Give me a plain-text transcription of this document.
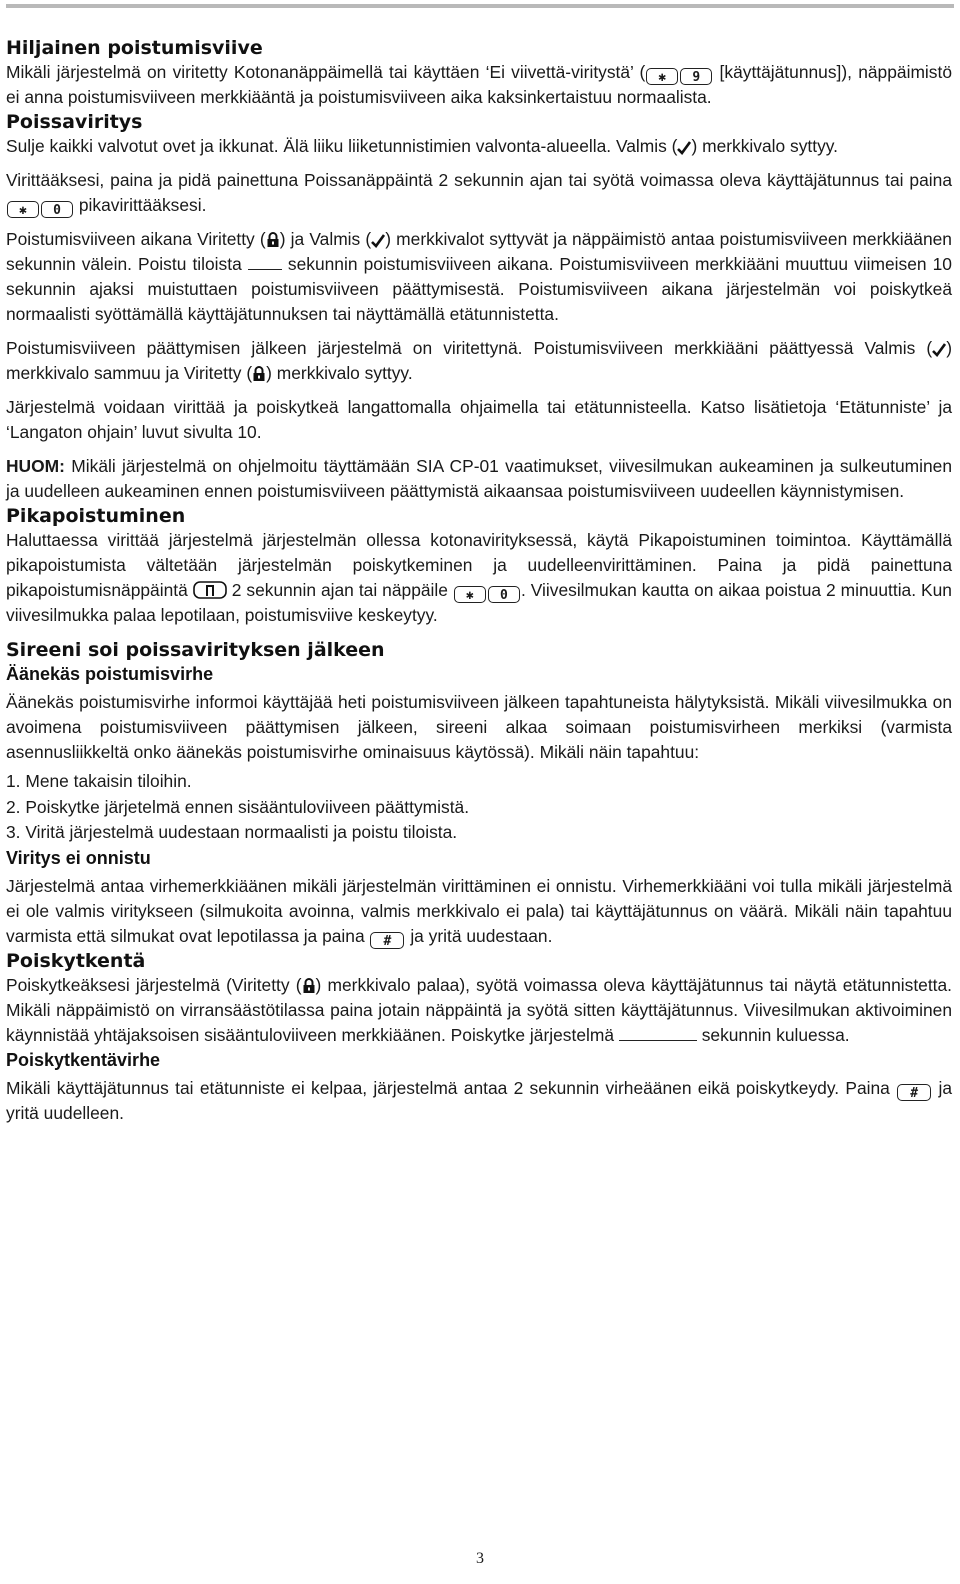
Hiljainen poistumisviive

Mikäli järjestelmä on viritetty Kotonanäppäimellä tai käyttäen ‘Ei viivettä-viritystä’ ( ✱ 9 [käyttäjätunnus]), näppäimistö ei anna poistumisviiveen merkkiääntä ja poistumisviiveen aika kaksinkertaistuu normaalista.

Poissaviritys

Sulje kaikki valvotut ovet ja ikkunat. Älä liiku liiketunnistimien valvonta-alueella. Valmis ( ) merkkivalo syttyy.

Virittääksesi, paina ja pidä painettuna Poissanäppäintä 2 sekunnin ajan tai syötä voimassa oleva käyttäjätunnus tai paina ✱ 0 pikavirittääksesi.

Poistumisviiveen aikana Viritetty ( ) ja Valmis ( ) merkkivalot syttyvät ja näppäimistö antaa poistumisviiveen merkkiäänen sekunnin välein. Poistu tiloista	sekunnin poistumisviiveen aikana. Poistumisviiveen merkkiääni muuttuu viimeisen 10 sekunnin ajaksi muistuttaen poistumisviiveen päättymisestä. Poistumisviiveen aikana järjestelmän voi poiskytkeä normaalisti syöttämällä käyttäjätunnuksen tai näyttämällä etätunnistetta.

Poistumisviiveen päättymisen jälkeen järjestelmä on viritettynä. Poistumisviiveen merkkiääni päättyessä Valmis ( ) merkkivalo sammuu ja Viritetty ( ) merkkivalo syttyy.

Järjestelmä voidaan virittää ja poiskytkeä langattomalla ohjaimella tai etätunnisteella. Katso lisätietoja ‘Etätunniste’ ja ‘Langaton ohjain’ luvut sivulta 10.

HUOM: Mikäli järjestelmä on ohjelmoitu täyttämään SIA CP-01 vaatimukset, viivesilmukan aukeaminen ja sulkeutuminen ja uudelleen aukeaminen ennen poistumisviiveen päättymistä aikaansaa poistumisviiveen uudeellen käynnistymisen.

Pikapoistuminen

Haluttaessa virittää järjestelmä järjestelmän ollessa kotonavirityksessä, käytä Pikapoistuminen toimintoa. Käyttämällä pikapoistumista vältetään järjestelmän poiskytkeminen ja uudelleenvirittäminen. Paina ja pidä painettuna pikapoistumisnäppäintä	2 sekunnin ajan tai näppäile ✱ 0 . Viivesilmukan kautta on aikaa poistua 2 minuuttia. Kun viivesilmukka palaa lepotilaan, poistumisviive keskeytyy.

Sireeni soi poissavirityksen jälkeen
Äänekäs poistumisvirhe

Äänekäs poistumisvirhe informoi käyttäjää heti poistumisviiveen jälkeen tapahtuneista hälytyksistä. Mikäli viivesilmukka on avoimena poistumisviiveen päättymisen jälkeen, sireeni alkaa soimaan poistumisvirheen merkiksi (varmista asennusliikkeltä onko äänekäs poistumisvirhe ominaisuus käytössä). Mikäli näin tapahtuu:

1. Mene takaisin tiloihin.
2. Poiskytke järjetelmä ennen sisääntuloviiveen päättymistä.
3. Viritä järjestelmä uudestaan normaalisti ja poistu tiloista.
Viritys ei onnistu

Järjestelmä antaa virhemerkkiäänen mikäli järjestelmän virittäminen ei onnistu. Virhemerkkiääni voi tulla mikäli järjestelmä ei ole valmis viritykseen (silmukoita avoinna, valmis merkkivalo ei pala) tai käyttäjätunnus on väärä. Mikäli näin tapahtuu varmista että silmukat ovat lepotilassa ja paina # ja yritä uudestaan.

Poiskytkentä

Poiskytkeäksesi järjestelmä (Viritetty ( ) merkkivalo palaa), syötä voimassa oleva käyttäjätunnus tai näytä etätunnistetta. Mikäli näppäimistö on virransäästötilassa paina jotain näppäintä ja syötä sitten käyttäjätunnus. Viivesilmukan aktivoiminen käynnistää yhtäjaksoisen sisääntuloviiveen merkkiäänen. Poiskytke järjestelmä	sekunnin kuluessa.

Poiskytkentävirhe

Mikäli käyttäjätunnus tai etätunniste ei kelpaa, järjestelmä antaa 2 sekunnin virheäänen eikä poiskytkeydy. Paina # ja yritä uudelleen.

3
